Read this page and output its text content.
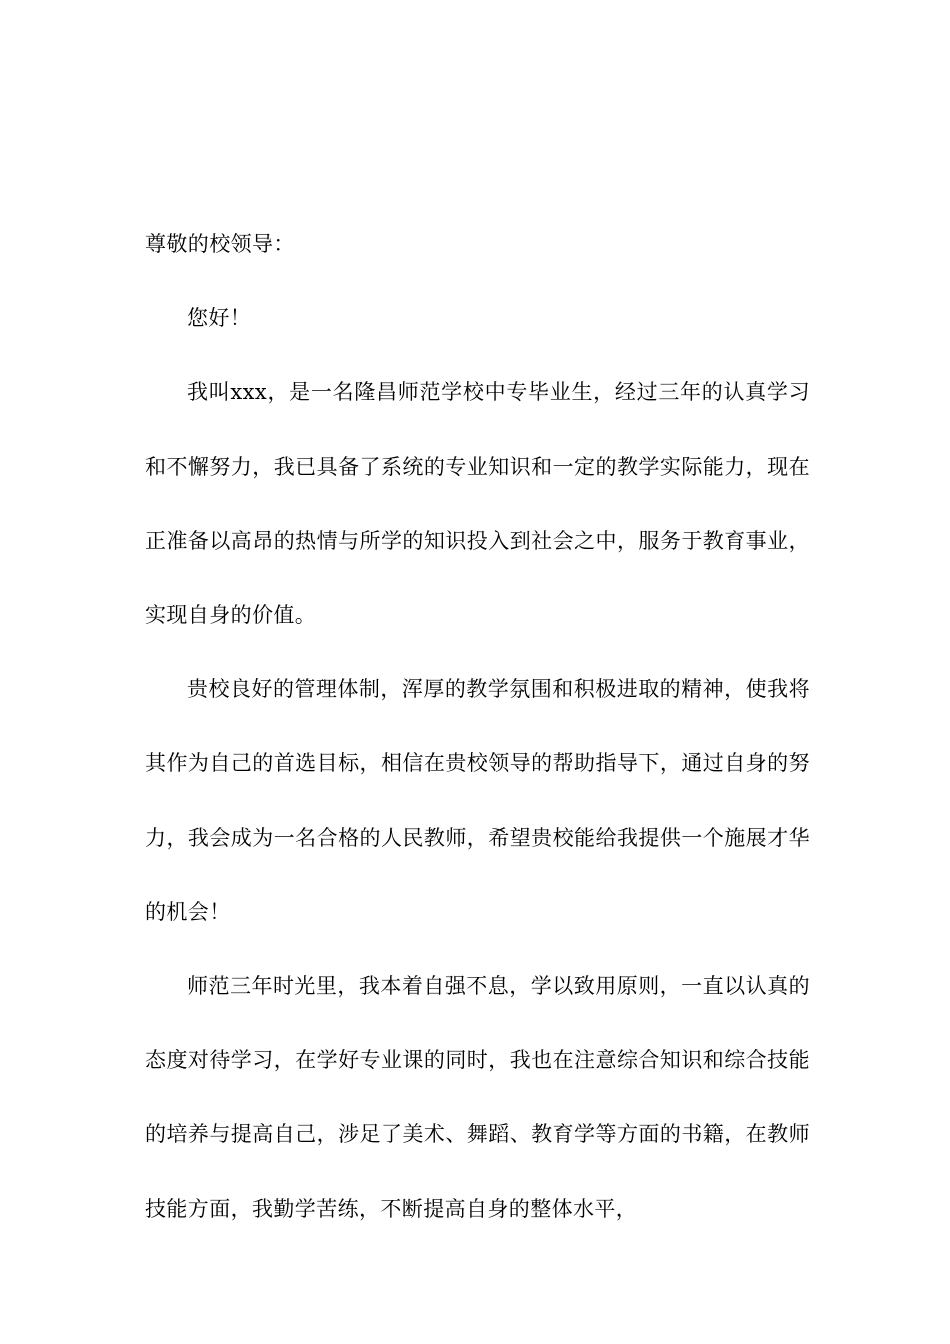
尊敬的校领导：

您好！

我叫xxx，是一名隆昌师范学校中专毕业生，经过三年的认真学习和不懈努力，我已具备了系统的专业知识和一定的教学实际能力，现在正准备以高昂的热情与所学的知识投入到社会之中，服务于教育事业，实现自身的价值。

贵校良好的管理体制，浑厚的教学氛围和积极进取的精神，使我将其作为自己的首选目标，相信在贵校领导的帮助指导下，通过自身的努力，我会成为一名合格的人民教师，希望贵校能给我提供一个施展才华的机会！

师范三年时光里，我本着自强不息，学以致用原则，一直以认真的态度对待学习，在学好专业课的同时，我也在注意综合知识和综合技能的培养与提高自己，涉足了美术、舞蹈、教育学等方面的书籍，在教师技能方面，我勤学苦练，不断提高自身的整体水平，
